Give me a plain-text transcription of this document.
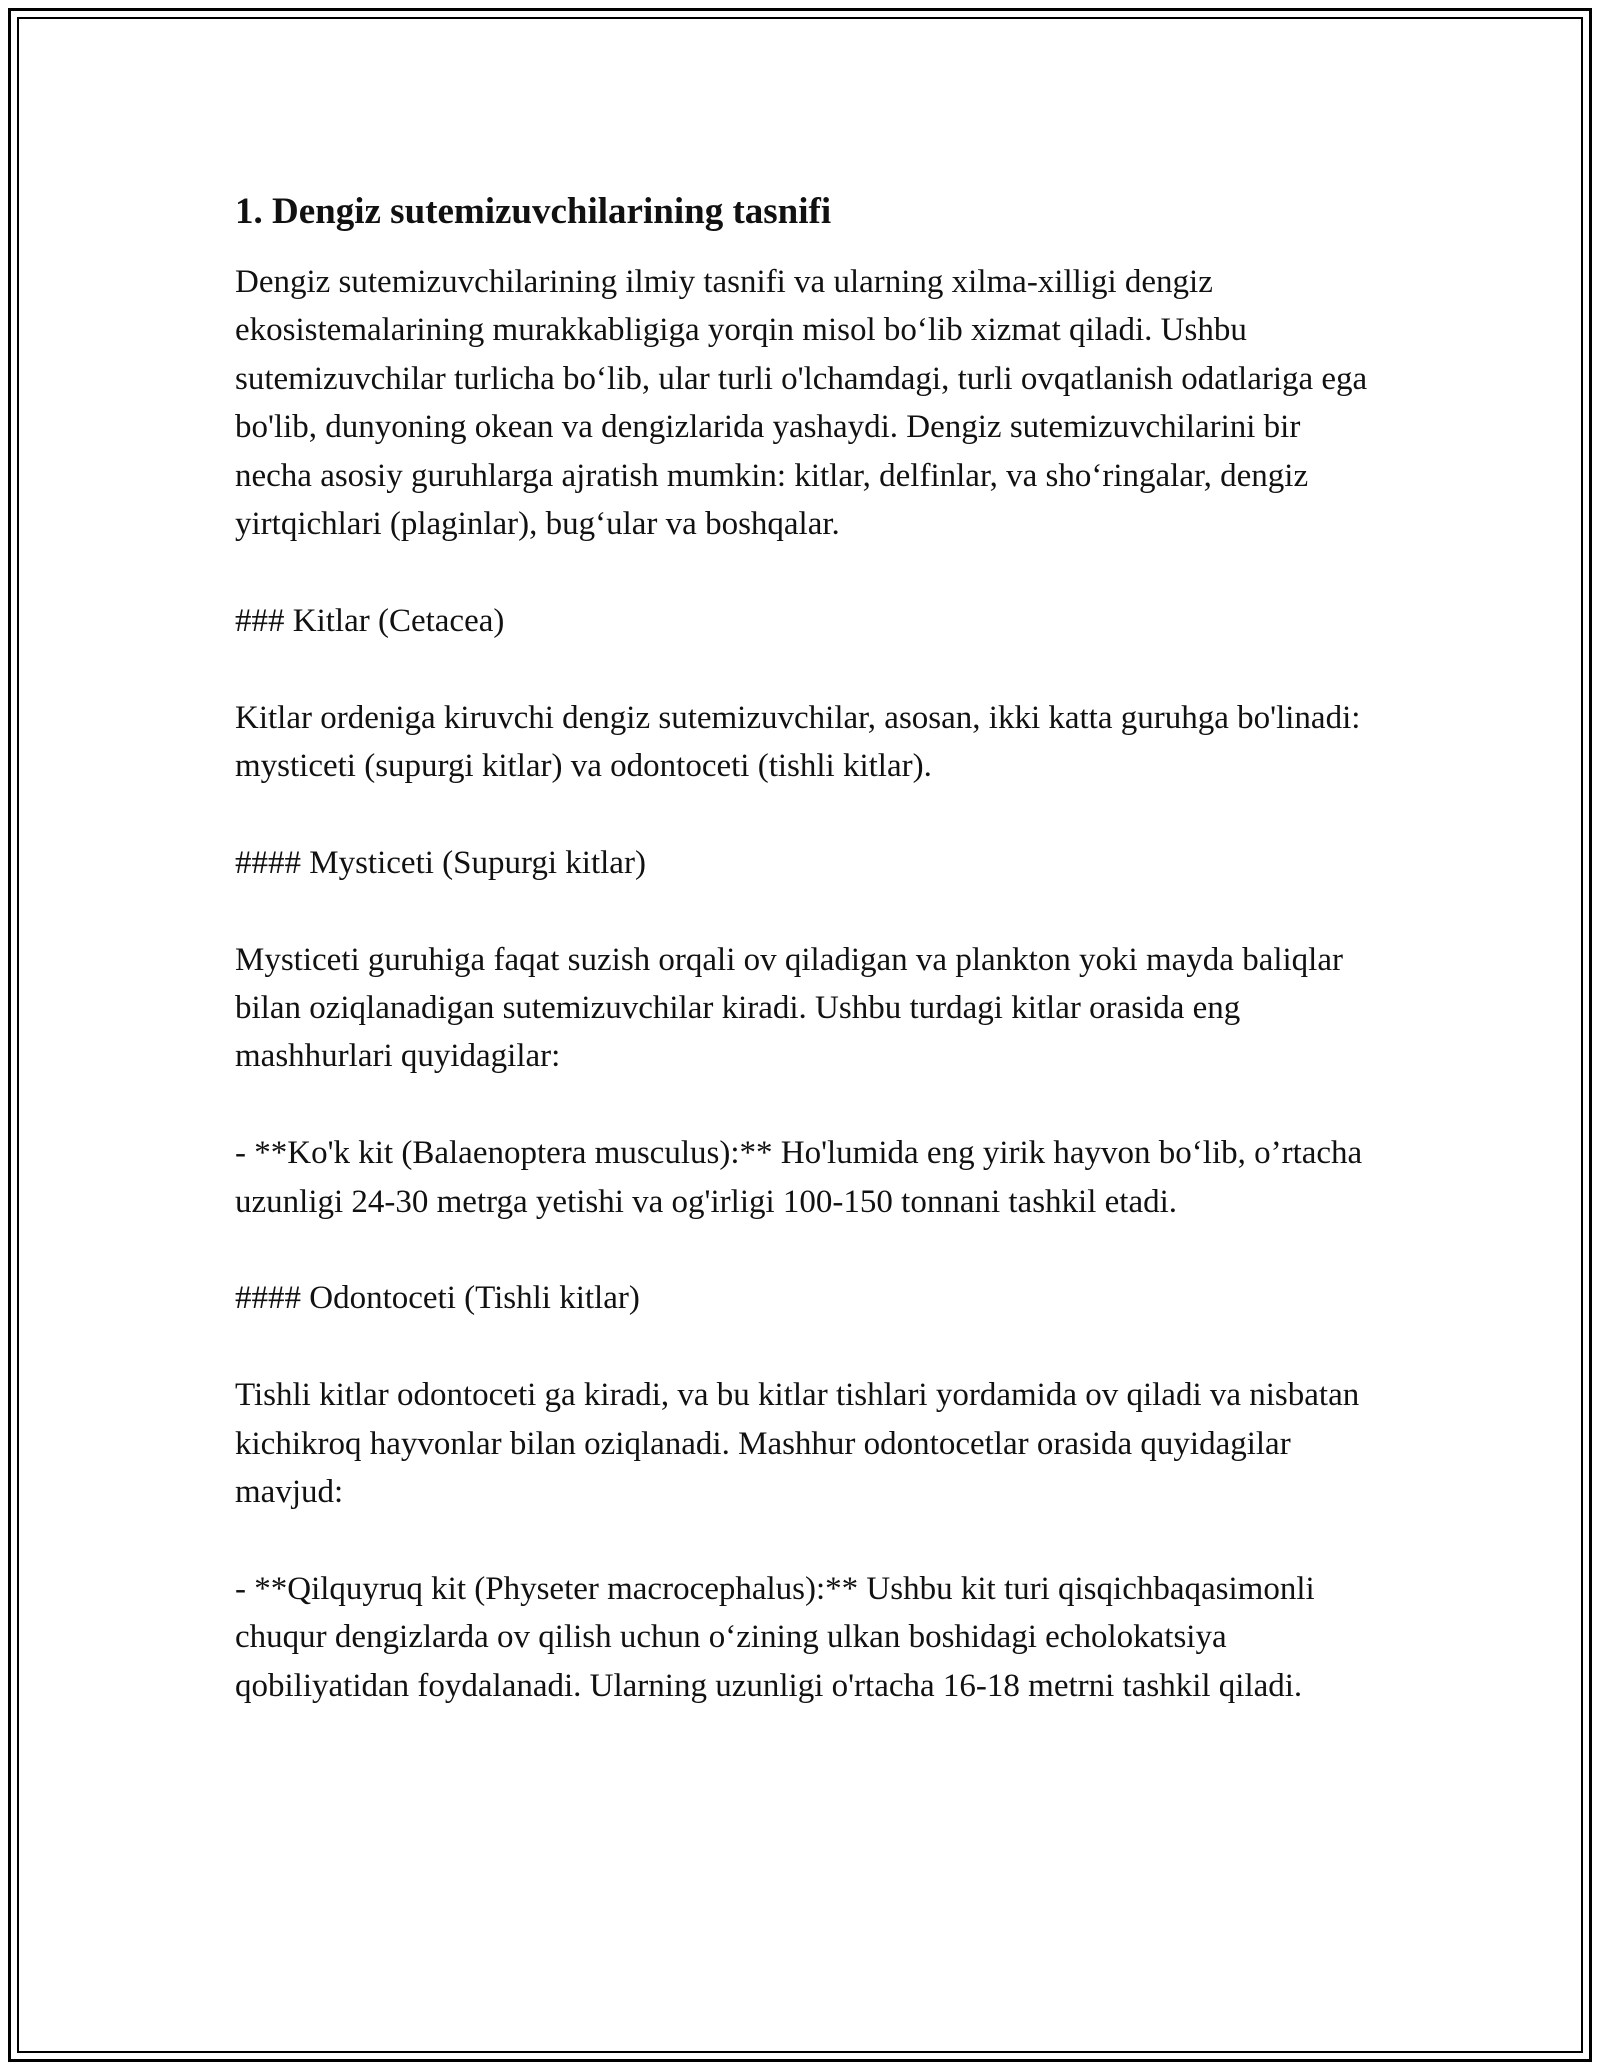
1. Dengiz sutemizuvchilarining tasnifi

Dengiz sutemizuvchilarining ilmiy tasnifi va ularning xilma-xilligi dengiz ekosistemalarining murakkabligiga yorqin misol bo‘lib xizmat qiladi. Ushbu sutemizuvchilar turlicha bo‘lib, ular turli o'lchamdagi, turli ovqatlanish odatlariga ega bo'lib, dunyoning okean va dengizlarida yashaydi. Dengiz sutemizuvchilarini bir necha asosiy guruhlarga ajratish mumkin: kitlar, delfinlar, va sho‘ringalar, dengiz yirtqichlari (plaginlar), bug‘ular va boshqalar.

### Kitlar (Cetacea)

Kitlar ordeniga kiruvchi dengiz sutemizuvchilar, asosan, ikki katta guruhga bo'linadi: mysticeti (supurgi kitlar) va odontoceti (tishli kitlar).

#### Mysticeti (Supurgi kitlar)

Mysticeti guruhiga faqat suzish orqali ov qiladigan va plankton yoki mayda baliqlar bilan oziqlanadigan sutemizuvchilar kiradi. Ushbu turdagi kitlar orasida eng mashhurlari quyidagilar:

- **Ko'k kit (Balaenoptera musculus):** Ho'lumida eng yirik hayvon bo‘lib, o’rtacha uzunligi 24-30 metrga yetishi va og'irligi 100-150 tonnani tashkil etadi.

#### Odontoceti (Tishli kitlar)

Tishli kitlar odontoceti ga kiradi, va bu kitlar tishlari yordamida ov qiladi va nisbatan kichikroq hayvonlar bilan oziqlanadi. Mashhur odontocetlar orasida quyidagilar mavjud:

- **Qilquyruq kit (Physeter macrocephalus):** Ushbu kit turi qisqichbaqasimonli chuqur dengizlarda ov qilish uchun o‘zining ulkan boshidagi echolokatsiya qobiliyatidan foydalanadi. Ularning uzunligi o'rtacha 16-18 metrni tashkil qiladi.
